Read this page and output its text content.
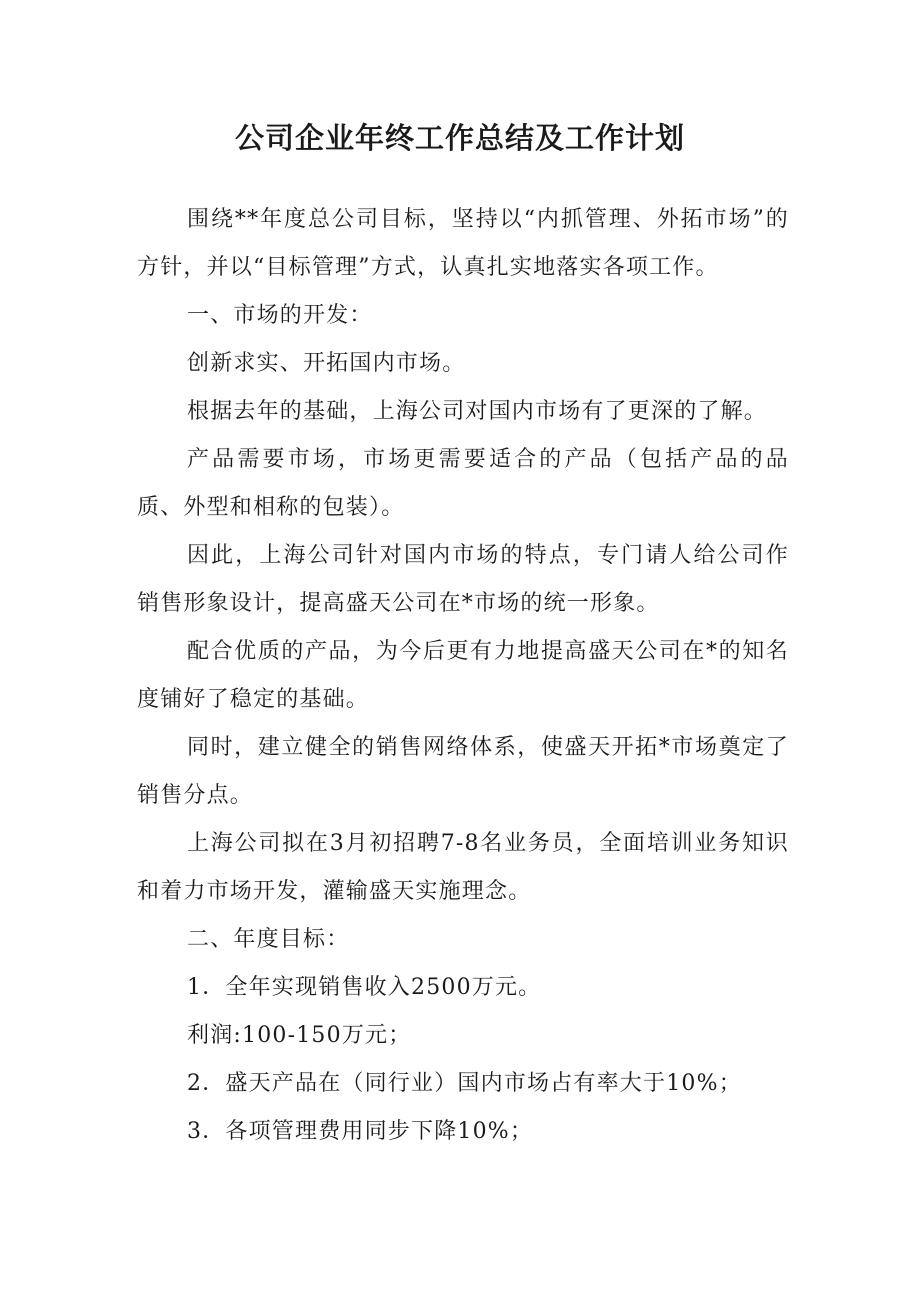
公司企业年终工作总结及工作计划

围绕**年度总公司目标，坚持以“内抓管理、外拓市场”的方针，并以“目标管理”方式，认真扎实地落实各项工作。

一、市场的开发：

创新求实、开拓国内市场。

根据去年的基础，上海公司对国内市场有了更深的了解。

产品需要市场，市场更需要适合的产品（包括产品的品质、外型和相称的包装）。

因此，上海公司针对国内市场的特点，专门请人给公司作销售形象设计，提高盛天公司在*市场的统一形象。

配合优质的产品，为今后更有力地提高盛天公司在*的知名度铺好了稳定的基础。

同时，建立健全的销售网络体系，使盛天开拓*市场奠定了销售分点。

上海公司拟在3月初招聘7-8名业务员，全面培训业务知识和着力市场开发，灌输盛天实施理念。

二、年度目标：

1．全年实现销售收入2500万元。

利润:100-150万元；

2．盛天产品在（同行业）国内市场占有率大于10%；

3．各项管理费用同步下降10%；
